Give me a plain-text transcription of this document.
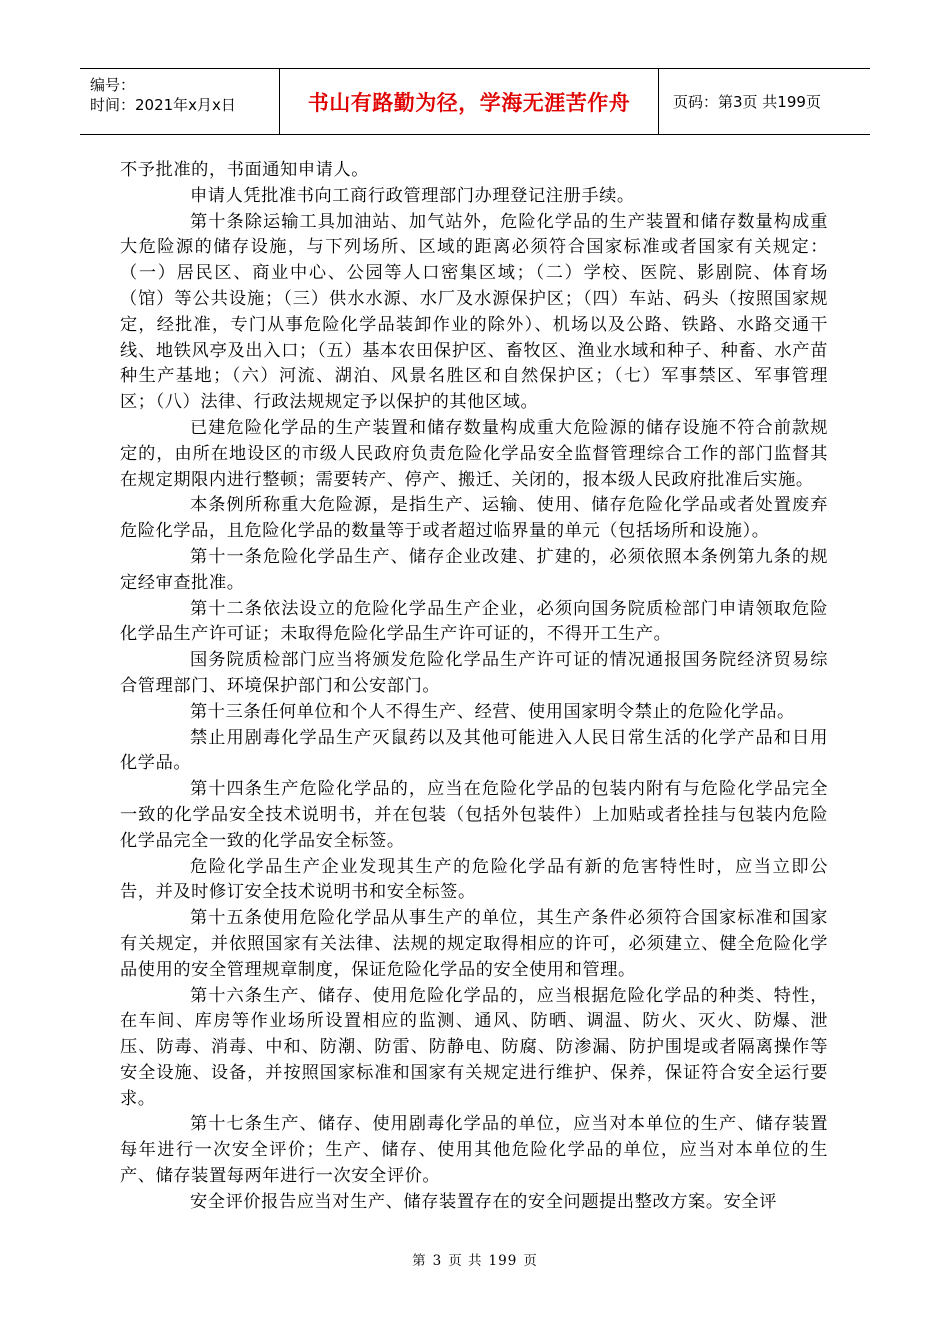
编号：
时间：2021年x月x日	书山有路勤为径，学海无涯苦作舟	页码：第3页 共199页

不予批准的，书面通知申请人。

申请人凭批准书向工商行政管理部门办理登记注册手续。

第十条除运输工具加油站、加气站外，危险化学品的生产装置和储存数量构成重大危险源的储存设施，与下列场所、区域的距离必须符合国家标准或者国家有关规定：（一）居民区、商业中心、公园等人口密集区域；（二）学校、医院、影剧院、体育场（馆）等公共设施；（三）供水水源、水厂及水源保护区；（四）车站、码头（按照国家规定，经批准，专门从事危险化学品装卸作业的除外）、机场以及公路、铁路、水路交通干线、地铁风亭及出入口；（五）基本农田保护区、畜牧区、渔业水域和种子、种畜、水产苗种生产基地；（六）河流、湖泊、风景名胜区和自然保护区；（七）军事禁区、军事管理区；（八）法律、行政法规规定予以保护的其他区域。

已建危险化学品的生产装置和储存数量构成重大危险源的储存设施不符合前款规定的，由所在地设区的市级人民政府负责危险化学品安全监督管理综合工作的部门监督其在规定期限内进行整顿；需要转产、停产、搬迁、关闭的，报本级人民政府批准后实施。

本条例所称重大危险源，是指生产、运输、使用、储存危险化学品或者处置废弃危险化学品，且危险化学品的数量等于或者超过临界量的单元（包括场所和设施）。

第十一条危险化学品生产、储存企业改建、扩建的，必须依照本条例第九条的规定经审查批准。

第十二条依法设立的危险化学品生产企业，必须向国务院质检部门申请领取危险化学品生产许可证；未取得危险化学品生产许可证的，不得开工生产。

国务院质检部门应当将颁发危险化学品生产许可证的情况通报国务院经济贸易综合管理部门、环境保护部门和公安部门。

第十三条任何单位和个人不得生产、经营、使用国家明令禁止的危险化学品。

禁止用剧毒化学品生产灭鼠药以及其他可能进入人民日常生活的化学产品和日用化学品。

第十四条生产危险化学品的，应当在危险化学品的包装内附有与危险化学品完全一致的化学品安全技术说明书，并在包装（包括外包装件）上加贴或者拴挂与包装内危险化学品完全一致的化学品安全标签。

危险化学品生产企业发现其生产的危险化学品有新的危害特性时，应当立即公告，并及时修订安全技术说明书和安全标签。

第十五条使用危险化学品从事生产的单位，其生产条件必须符合国家标准和国家有关规定，并依照国家有关法律、法规的规定取得相应的许可，必须建立、健全危险化学品使用的安全管理规章制度，保证危险化学品的安全使用和管理。

第十六条生产、储存、使用危险化学品的，应当根据危险化学品的种类、特性，在车间、库房等作业场所设置相应的监测、通风、防晒、调温、防火、灭火、防爆、泄压、防毒、消毒、中和、防潮、防雷、防静电、防腐、防渗漏、防护围堤或者隔离操作等安全设施、设备，并按照国家标准和国家有关规定进行维护、保养，保证符合安全运行要求。

第十七条生产、储存、使用剧毒化学品的单位，应当对本单位的生产、储存装置每年进行一次安全评价；生产、储存、使用其他危险化学品的单位，应当对本单位的生产、储存装置每两年进行一次安全评价。

安全评价报告应当对生产、储存装置存在的安全问题提出整改方案。安全评

第 3 页 共 199 页
